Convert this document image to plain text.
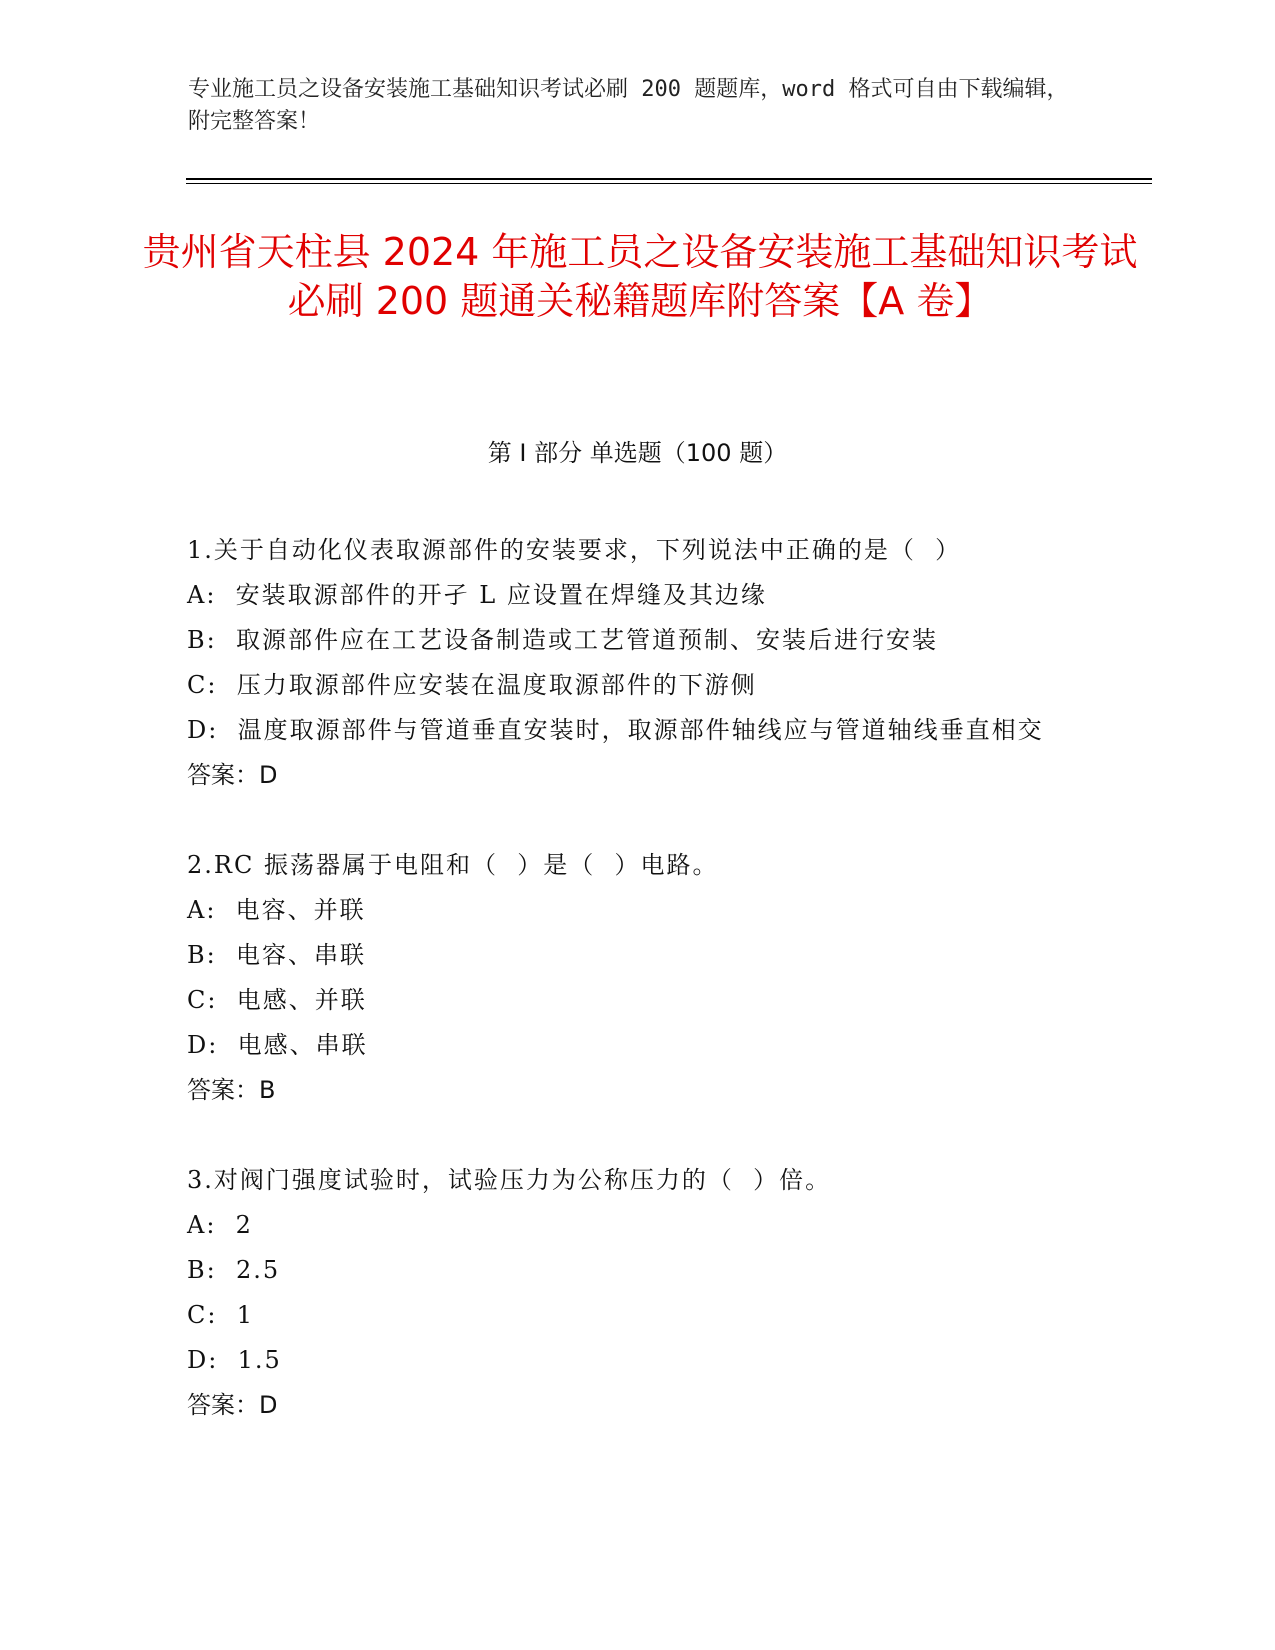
专业施工员之设备安装施工基础知识考试必刷 200 题题库，word 格式可自由下载编辑，附完整答案！
贵州省天柱县 2024 年施工员之设备安装施工基础知识考试必刷 200 题通关秘籍题库附答案【A 卷】
第 I 部分 单选题（100 题）
1.关于自动化仪表取源部件的安装要求，下列说法中正确的是（  ）
A:  安装取源部件的开孑 L 应设置在焊缝及其边缘
B:  取源部件应在工艺设备制造或工艺管道预制、安装后进行安装
C:  压力取源部件应安装在温度取源部件的下游侧
D:  温度取源部件与管道垂直安装时，取源部件轴线应与管道轴线垂直相交
答案：D
2.RC 振荡器属于电阻和（  ）是（  ）电路。
A:  电容、并联
B:  电容、串联
C:  电感、并联
D:  电感、串联
答案：B
3.对阀门强度试验时，试验压力为公称压力的（  ）倍。
A:  2
B:  2.5
C:  1
D:  1.5
答案：D
